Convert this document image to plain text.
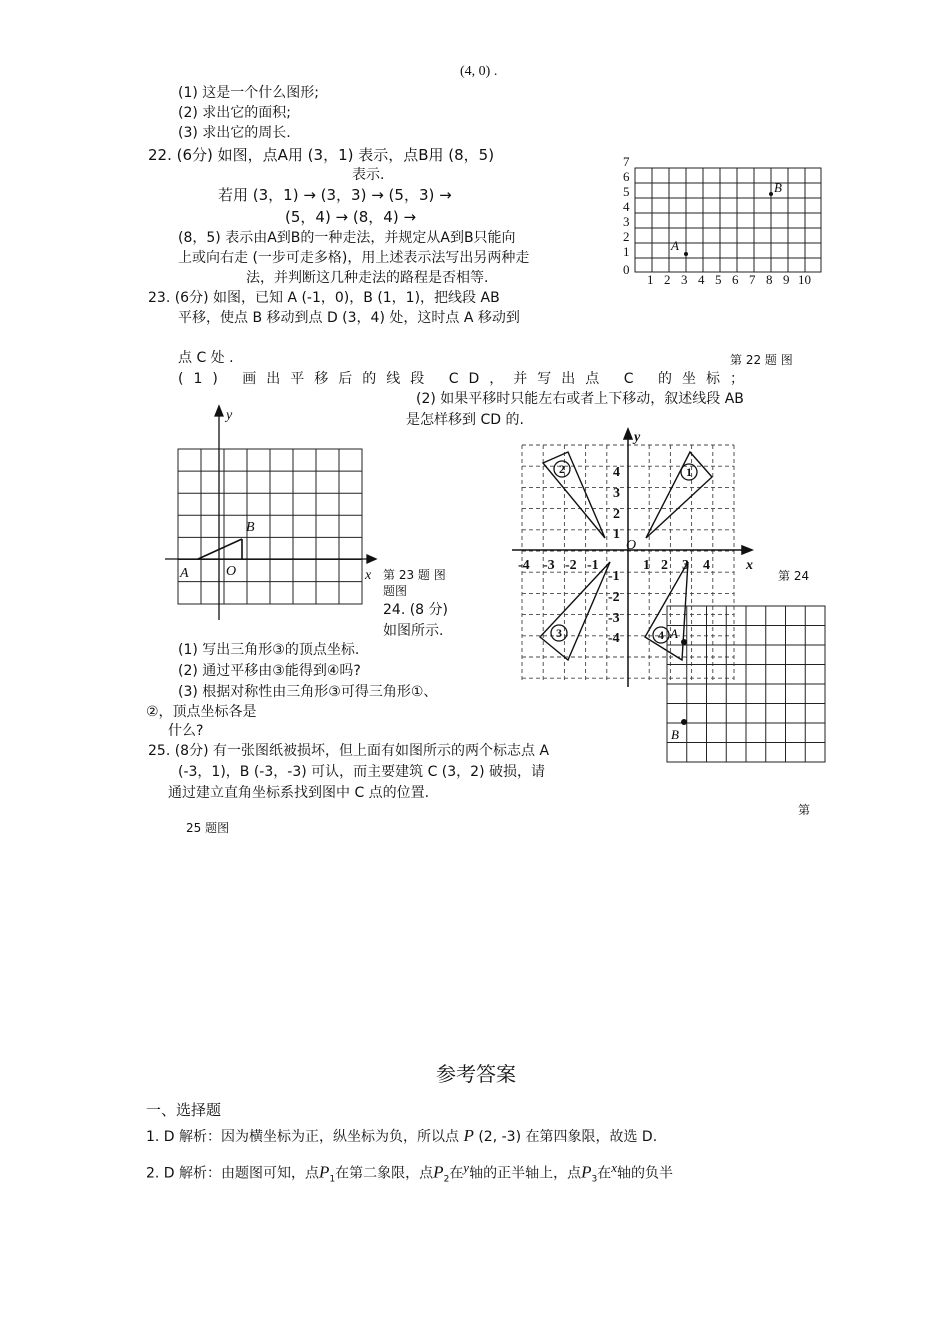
(4, 0) .
(1) 这是一个什么图形;
(2) 求出它的面积;
(3) 求出它的周长.
22. (6分) 如图，点A用 (3，1) 表示，点B用 (8，5)
表示.
若用 (3，1) → (3，3) → (5，3) →
(5，4) → (8，4) →
(8，5) 表示由A到B的一种走法，并规定从A到B只能向
上或向右走 (一步可走多格)，用上述表示法写出另两种走
法，并判断这几种走法的路程是否相等.
7
6
5
4
3
2
1
0
1 2 3 4 5 6 7 8 9 10
A
B
23. (6分) 如图，已知 A (-1，0)，B (1，1)，把线段 AB
平移，使点 B 移动到点 D (3，4) 处，这时点 A 移动到
点 C 处 .	第 22 题 图
(1) 画出平移后的线段 CD，并写出点 C 的坐标；
(2) 如果平移时只能左右或者上下移动，叙述线段 AB
是怎样移到 CD 的.
y
x
A
B
O	第 23 题 图
题图
2	1
3	4
-4 -3 -2 -1	1 2 3 4
4
3
2
1
-1
-2
-3
-4
y
x
O
第 24
24. (8 分)
如图所示.
(1) 写出三角形③的顶点坐标.
(2) 通过平移由③能得到④吗?
(3) 根据对称性由三角形③可得三角形①、
②，顶点坐标各是
什么?
A
B
25. (8分) 有一张图纸被损坏，但上面有如图所示的两个标志点 A
(-3，1)，B (-3，-3) 可认，而主要建筑 C (3，2) 破损，请
通过建立直角坐标系找到图中 C 点的位置.
第
25 题图
参考答案
一、选择题
1. D 解析：因为横坐标为正，纵坐标为负，所以点 P (2, -3) 在第四象限，故选 D.
2. D 解析：由题图可知，点$P_1$在第二象限，点$P_2$在$^y$轴的正半轴上，点$P_3$在$^x$轴的负半
